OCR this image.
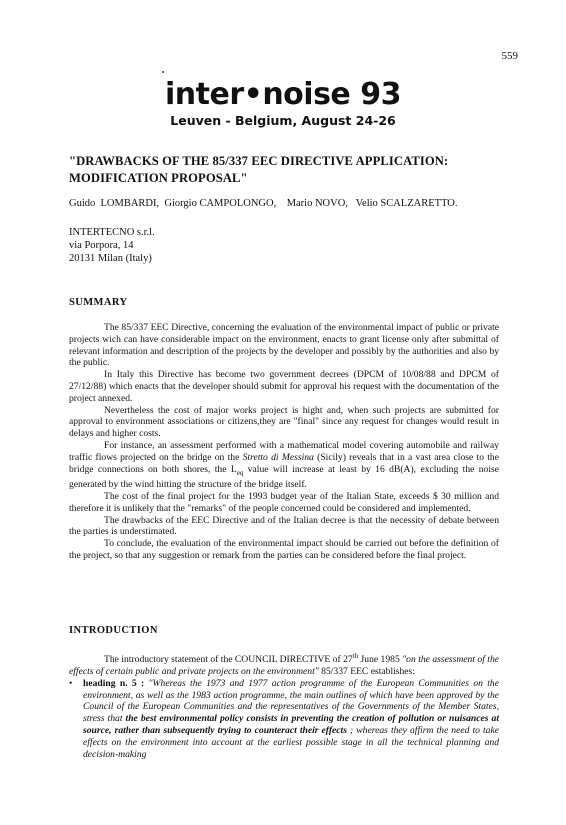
559
inter•noise 93
Leuven - Belgium, August 24-26
"DRAWBACKS OF THE 85/337 EEC DIRECTIVE APPLICATION: MODIFICATION PROPOSAL"
Guido  LOMBARDI,  Giorgio CAMPOLONGO,    Mario NOVO,   Velio SCALZARETTO.
INTERTECNO s.r.l.
via Porpora, 14
20131 Milan (Italy)
SUMMARY

The 85/337 EEC Directive, concerning the evaluation of the environmental impact of public or private projects wich can have considerable impact on the environment, enacts to grant license only after submittal of relevant information and description of the projects by the developer and possibly by the authorities and also by the public.

In Italy this Directive has become two government decrees (DPCM of 10/08/88 and DPCM of 27/12/88) which enacts that the developer should submit for approval his request with the documentation of the project annexed.

Nevertheless the cost of major works project is hight and, when such projects are submitted for approval to environment associations or citizens,they are "final" since any request for changes would result in delays and higher costs.

For instance, an assessment performed with a mathematical model covering automobile and railway traffic flows projected on the bridge on the Stretto di Messina (Sicily) reveals that in a vast area close to the bridge connections on both shores, the $L_{eq}$ value will increase at least by 16 dB(A), excluding the noise generated by the wind hitting the structure of the bridge itself.

The cost of the final project for the 1993 budget year of the Italian State, exceeds $ 30 million and therefore it is unlikely that the "remarks" of the people concerned could be considered and implemented.

The drawbacks of the EEC Directive and of the Italian decree is that the necessity of debate between the parties is understimated.

To conclude, the evaluation of the environmental impact should be carried out before the definition of the project, so that any suggestion or remark from the parties can be considered before the final project.

INTRODUCTION

The introductory statement of the COUNCIL DIRECTIVE of 27th June 1985 "on the assessment of the effects of certain public and private projects on the environment" 85/337 EEC establishes:

• heading n. 5 : "Whereas the 1973 and 1977 action programme of the European Communities on the environment, as well as the 1983 action programme, the main outlines of which have been approved by the Council of the European Communities and the representatives of the Governments of the Member States, stress that the best environmental policy consists in preventing the creation of pollution or nuisances at source, rather than subsequently trying to counteract their effects ; whereas they affirm the need to take effects on the environment into account at the earliest possible stage in all the technical planning and decision-making
